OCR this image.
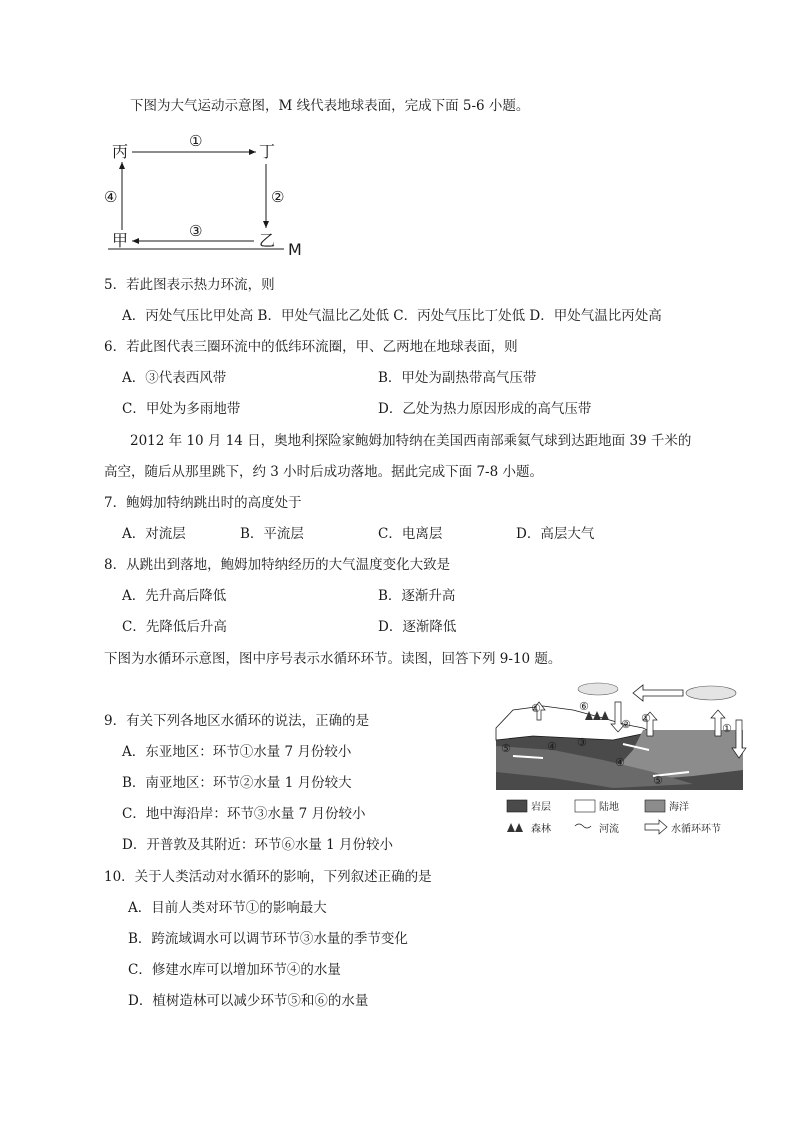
下图为大气运动示意图，M 线代表地球表面，完成下面 5-6 小题。
丙	丁
甲	乙 M
①
②
③
④
5．若此图表示热力环流，则
A．丙处气压比甲处高 B．甲处气温比乙处低 C．丙处气压比丁处低 D．甲处气温比丙处高
6．若此图代表三圈环流中的低纬环流圈，甲、乙两地在地球表面，则
A．③代表西风带	B．甲处为副热带高气压带
C．甲处为多雨地带	D．乙处为热力原因形成的高气压带
2012 年 10 月 14 日，奥地利探险家鲍姆加特纳在美国西南部乘氦气球到达距地面 39 千米的
高空，随后从那里跳下，约 3 小时后成功落地。据此完成下面 7-8 小题。
7．鲍姆加特纳跳出时的高度处于
A．对流层	B．平流层	C．电离层	D．高层大气
8．从跳出到落地，鲍姆加特纳经历的大气温度变化大致是
A．先升高后降低	B．逐渐升高
C．先降低后升高	D．逐渐降低
下图为水循环示意图，图中序号表示水循环环节。读图，回答下列 9-10 题。
9．有关下列各地区水循环的说法，正确的是
A．东亚地区：环节①水量 7 月份较小
B．南亚地区：环节②水量 1 月份较大
C．地中海沿岸：环节③水量 7 月份较小
D．开普敦及其附近：环节⑥水量 1 月份较小
①	⑥
② ①
①
⑤	④ ③
④
⑤
岩层	陆地	海洋
森林	河流	水循环环节
10．关于人类活动对水循环的影响，下列叙述正确的是
A．目前人类对环节①的影响最大
B．跨流域调水可以调节环节③水量的季节变化
C．修建水库可以增加环节④的水量
D．植树造林可以减少环节⑤和⑥的水量
